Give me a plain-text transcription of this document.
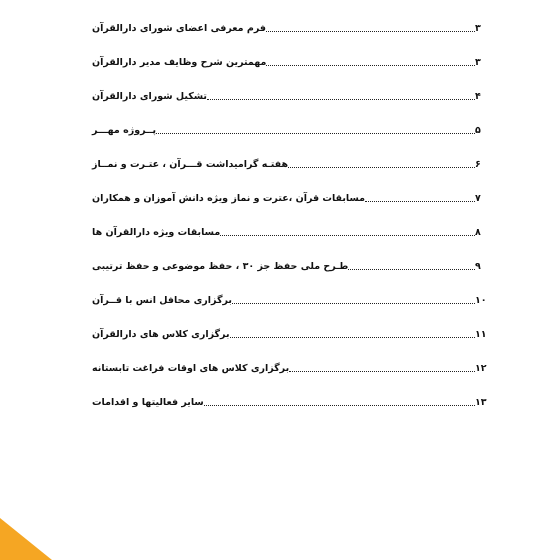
فرم معرفی اعضای شورای دارالقرآن	۳
مهمترین شرح وظایف مدیر دارالقرآن	۳
تشکیل شورای دارالقرآن	۴
پــروژه مهـــر	۵
هفتـه گرامیداشت قـــرآن ، عتـرت و نمــاز	۶
مسابقات قرآن ،عترت و نماز ویژه دانش آموزان و همکاران	۷
مسابقات ویژه دارالقرآن ها	۸
طـرح ملی حفظ جز ۳۰ ، حفظ موضوعی و حفظ ترتیبی	۹
برگزاری محافل انس با قــرآن	۱۰
برگزاری کلاس های دارالقرآن	۱۱
برگزاری کلاس های اوقات فراغت تابستانه	۱۲
سایر فعالیتها و اقدامات	۱۳
